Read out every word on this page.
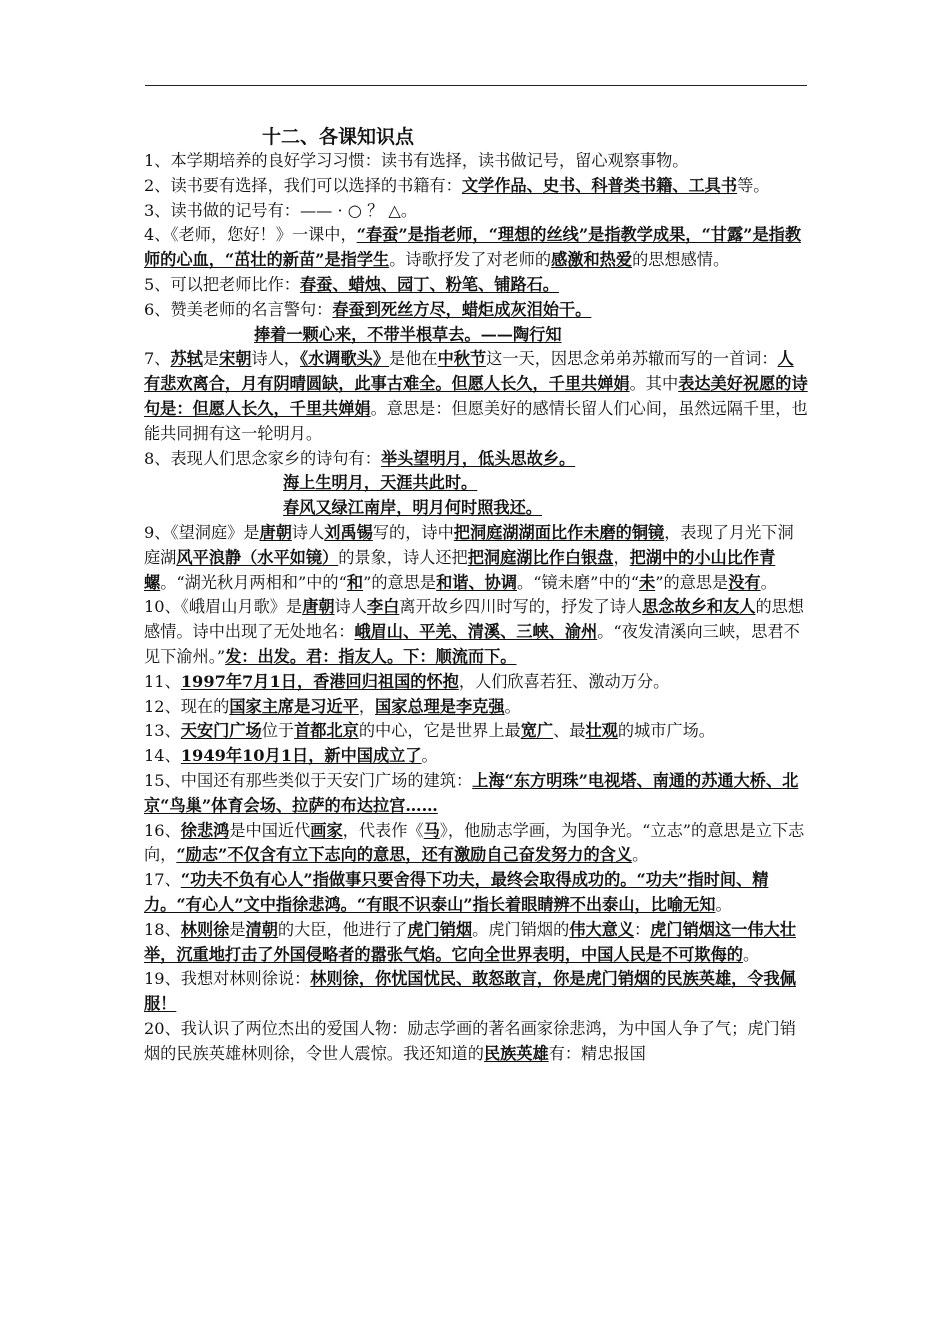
十二、各课知识点
1、本学期培养的良好学习习惯：读书有选择，读书做记号，留心观察事物。
2、读书要有选择，我们可以选择的书籍有：文学作品、史书、科普类书籍、工具书等。
3、读书做的记号有：—— · ○ ？ △。
4、《老师，您好！》一课中，“春蚕”是指老师，“理想的丝线”是指教学成果，“甘露”是指教师的心血，“茁壮的新苗”是指学生。诗歌抒发了对老师的感激和热爱的思想感情。
5、可以把老师比作：春蚕、蜡烛、园丁、粉笔、铺路石。
6、赞美老师的名言警句：春蚕到死丝方尽，蜡炬成灰泪始干。
捧着一颗心来，不带半根草去。——陶行知
7、苏轼是宋朝诗人，《水调歌头》是他在中秋节这一天，因思念弟弟苏辙而写的一首词：人有悲欢离合，月有阴晴圆缺，此事古难全。但愿人长久，千里共婵娟。其中表达美好祝愿的诗句是：但愿人长久，千里共婵娟。意思是：但愿美好的感情长留人们心间，虽然远隔千里，也能共同拥有这一轮明月。
8、表现人们思念家乡的诗句有：举头望明月，低头思故乡。
海上生明月，天涯共此时。
春风又绿江南岸，明月何时照我还。
9、《望洞庭》是唐朝诗人刘禹锡写的，诗中把洞庭湖湖面比作未磨的铜镜，表现了月光下洞庭湖风平浪静（水平如镜）的景象，诗人还把把洞庭湖比作白银盘，把湖中的小山比作青螺。“湖光秋月两相和”中的“和”的意思是和谐、协调。“镜未磨”中的“未”的意思是没有。
10、《峨眉山月歌》是唐朝诗人李白离开故乡四川时写的，抒发了诗人思念故乡和友人的思想感情。诗中出现了无处地名：峨眉山、平羌、清溪、三峡、渝州。“夜发清溪向三峡，思君不见下渝州。”发：出发。君：指友人。下：顺流而下。
11、1997年7月1日，香港回归祖国的怀抱，人们欣喜若狂、激动万分。
12、现在的国家主席是习近平，国家总理是李克强。
13、天安门广场位于首都北京的中心，它是世界上最宽广、最壮观的城市广场。
14、1949年10月1日，新中国成立了。
15、中国还有那些类似于天安门广场的建筑：上海“东方明珠”电视塔、南通的苏通大桥、北京“鸟巢”体育会场、拉萨的布达拉宫……
16、徐悲鸿是中国近代画家，代表作《马》，他励志学画，为国争光。“立志”的意思是立下志向，“励志”不仅含有立下志向的意思，还有激励自己奋发努力的含义。
17、“功夫不负有心人”指做事只要舍得下功夫，最终会取得成功的。“功夫”指时间、精力。“有心人”文中指徐悲鸿。“有眼不识泰山”指长着眼睛辨不出泰山，比喻无知。
18、林则徐是清朝的大臣，他进行了虎门销烟。虎门销烟的伟大意义：虎门销烟这一伟大壮举，沉重地打击了外国侵略者的嚣张气焰。它向全世界表明，中国人民是不可欺侮的。
19、我想对林则徐说：林则徐，你忧国忧民、敢怒敢言，你是虎门销烟的民族英雄，令我佩服！
20、我认识了两位杰出的爱国人物：励志学画的著名画家徐悲鸿，为中国人争了气；虎门销烟的民族英雄林则徐，令世人震惊。我还知道的民族英雄有：精忠报国
